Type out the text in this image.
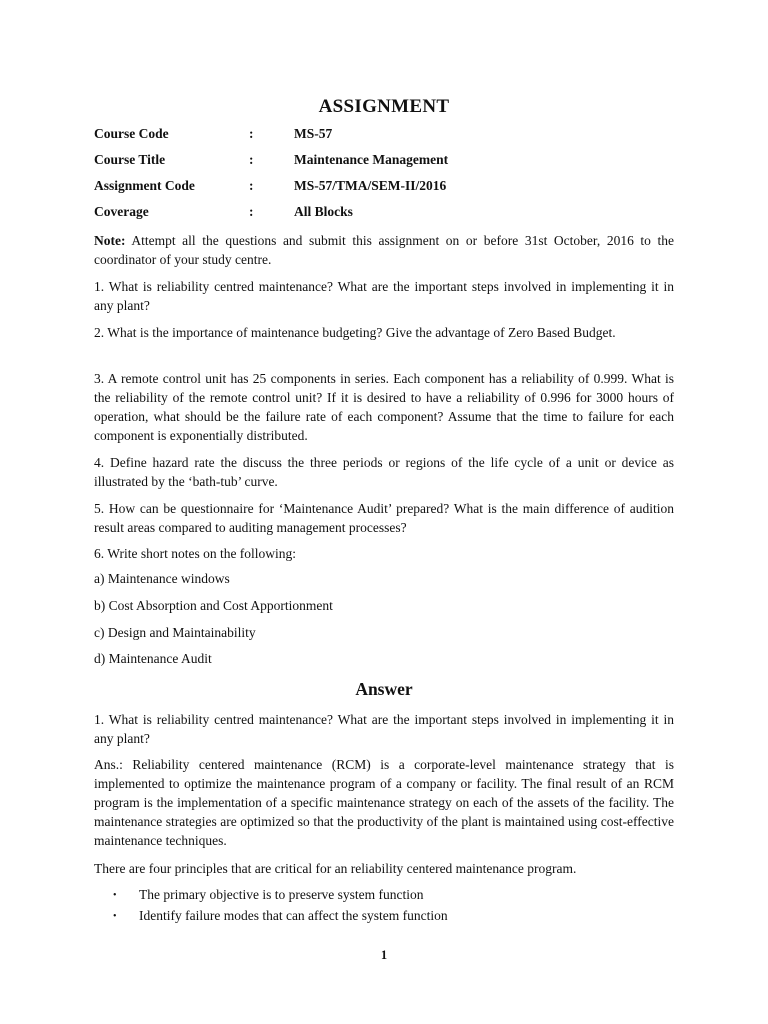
ASSIGNMENT
Course Code	:	MS-57
Course Title	:	Maintenance Management
Assignment Code	:	MS-57/TMA/SEM-II/2016
Coverage	:	All Blocks

Note: Attempt all the questions and submit this assignment on or before 31st October, 2016 to the coordinator of your study centre.

1. What is reliability centred maintenance? What are the important steps involved in implementing it in any plant?

2. What is the importance of maintenance budgeting? Give the advantage of Zero Based Budget.

3. A remote control unit has 25 components in series. Each component has a reliability of 0.999. What is the reliability of the remote control unit? If it is desired to have a reliability of 0.996 for 3000 hours of operation, what should be the failure rate of each component? Assume that the time to failure for each component is exponentially distributed.

4. Define hazard rate the discuss the three periods or regions of the life cycle of a unit or device as illustrated by the ‘bath-tub’ curve.

5. How can be questionnaire for ‘Maintenance Audit’ prepared? What is the main difference of audition result areas compared to auditing management processes?

6. Write short notes on the following:

a) Maintenance windows
b) Cost Absorption and Cost Apportionment
c) Design and Maintainability
d) Maintenance Audit
Answer

1. What is reliability centred maintenance? What are the important steps involved in implementing it in any plant?

Ans.: Reliability centered maintenance (RCM) is a corporate-level maintenance strategy that is implemented to optimize the maintenance program of a company or facility. The final result of an RCM program is the implementation of a specific maintenance strategy on each of the assets of the facility. The maintenance strategies are optimized so that the productivity of the plant is maintained using cost-effective maintenance techniques.

There are four principles that are critical for an reliability centered maintenance program.

• The primary objective is to preserve system function
• Identify failure modes that can affect the system function
1
